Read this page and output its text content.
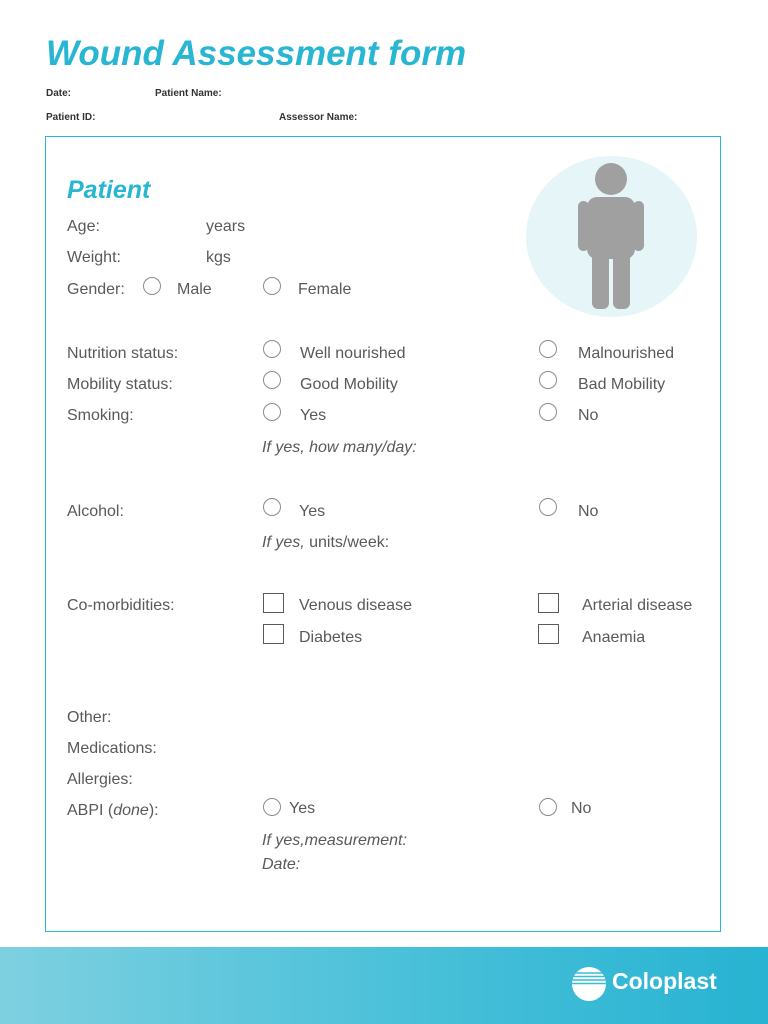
Wound Assessment form
Date:	Patient Name:
Patient ID:	Assessor Name:
Patient
Age:	years
Weight:	kgs
Gender:	Male	Female
Nutrition status:	Well nourished	Malnourished
Mobility status:	Good Mobility	Bad Mobility
Smoking:	Yes	No
If yes, how many/day:
Alcohol:	Yes	No
If yes, units/week:
Co-morbidities:	Venous disease	Arterial disease
Diabetes	Anaemia
Other:
Medications:
Allergies:
ABPI (done):	Yes	No
If yes,measurement:
Date:
Coloplast
